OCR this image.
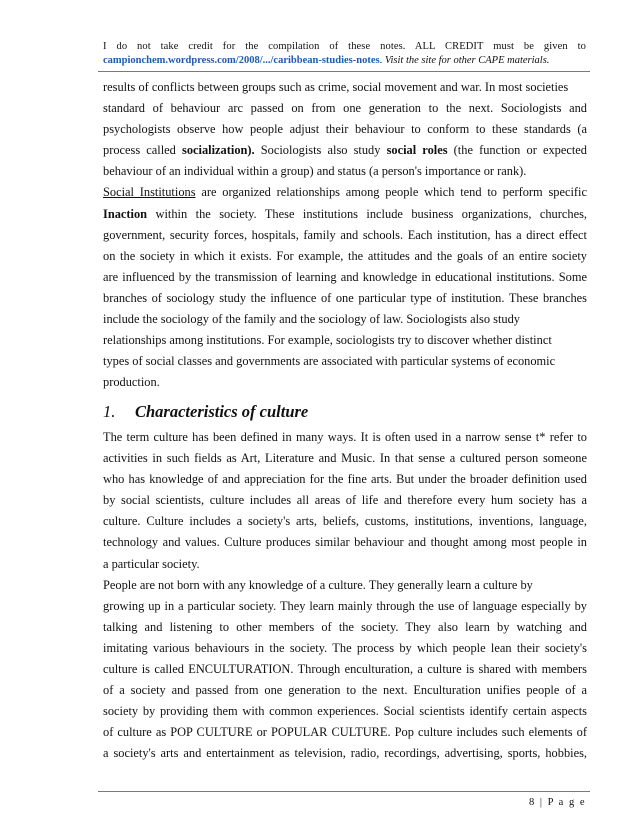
I do not take credit for the compilation of these notes. ALL CREDIT must be given to
campionchem.wordpress.com/2008/.../caribbean-studies-notes. Visit the site for other CAPE materials.
results of conflicts between groups such as crime, social movement and war. In most societies
standard of behaviour arc passed on from one generation to the next. Sociologists and
psychologists observe how people adjust their behaviour to conform to these standards (a
process called socialization). Sociologists also study social roles (the function or expected
behaviour of an individual within a group) and status (a person's importance or rank).
Social Institutions are organized relationships among people which tend to perform specific
Inaction within the society. These institutions include business organizations, churches,
government, security forces, hospitals, family and schools. Each institution, has a direct effect
on the society in which it exists. For example, the attitudes and the goals of an entire society
are influenced by the transmission of learning and knowledge in educational institutions. Some
branches of sociology study the influence of one particular type of institution. These branches
include the sociology of the family and the sociology of law. Sociologists also study
relationships among institutions. For example, sociologists try to discover whether distinct
types of social classes and governments are associated with particular systems of economic
production.
1. Characteristics of culture
The term culture has been defined in many ways. It is often used in a narrow sense t* refer to
activities in such fields as Art, Literature and Music. In that sense a cultured person someone
who has knowledge of and appreciation for the fine arts. But under the broader definition used
by social scientists, culture includes all areas of life and therefore every hum society has a
culture. Culture includes a society's arts, beliefs, customs, institutions, inventions, language,
technology and values. Culture produces similar behaviour and thought among most people in
a particular society.
People are not born with any knowledge of a culture. They generally learn a culture by
growing up in a particular society. They learn mainly through the use of language especially by
talking and listening to other members of the society. They also learn by watching and
imitating various behaviours in the society. The process by which people lean their society's
culture is called ENCULTURATION. Through enculturation, a culture is shared with members
of a society and passed from one generation to the next. Enculturation unifies people of a
society by providing them with common experiences. Social scientists identify certain aspects
of culture as POP CULTURE or POPULAR CULTURE. Pop culture includes such elements of
a society's arts and entertainment as television, radio, recordings, advertising, sports, hobbies,
8 | P a g e
